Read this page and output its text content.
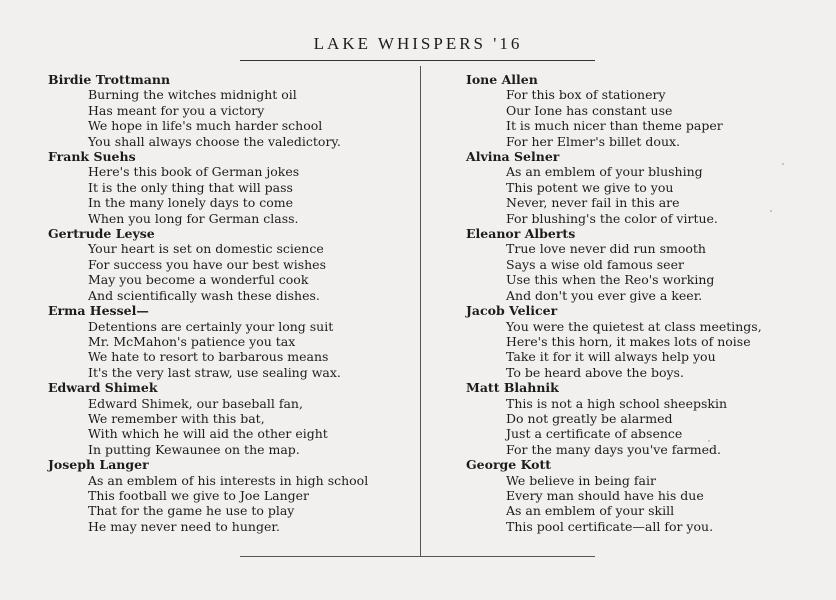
LAKE WHISPERS '16
Birdie Trottmann
Burning the witches midnight oil
Has meant for you a victory
We hope in life's much harder school
You shall always choose the valedictory.
Frank Suehs
Here's this book of German jokes
It is the only thing that will pass
In the many lonely days to come
When you long for German class.
Gertrude Leyse
Your heart is set on domestic science
For success you have our best wishes
May you become a wonderful cook
And scientifically wash these dishes.
Erma Hessel—
Detentions are certainly your long suit
Mr. McMahon's patience you tax
We hate to resort to barbarous means
It's the very last straw, use sealing wax.
Edward Shimek
Edward Shimek, our baseball fan,
We remember with this bat,
With which he will aid the other eight
In putting Kewaunee on the map.
Joseph Langer
As an emblem of his interests in high school
This football we give to Joe Langer
That for the game he use to play
He may never need to hunger.
Ione Allen
For this box of stationery
Our Ione has constant use
It is much nicer than theme paper
For her Elmer's billet doux.
Alvina Selner
As an emblem of your blushing
This potent we give to you
Never, never fail in this are
For blushing's the color of virtue.
Eleanor Alberts
True love never did run smooth
Says a wise old famous seer
Use this when the Reo's working
And don't you ever give a keer.
Jacob Velicer
You were the quietest at class meetings,
Here's this horn, it makes lots of noise
Take it for it will always help you
To be heard above the boys.
Matt Blahnik
This is not a high school sheepskin
Do not greatly be alarmed
Just a certificate of absence
For the many days you've farmed.
George Kott
We believe in being fair
Every man should have his due
As an emblem of your skill
This pool certificate—all for you.
